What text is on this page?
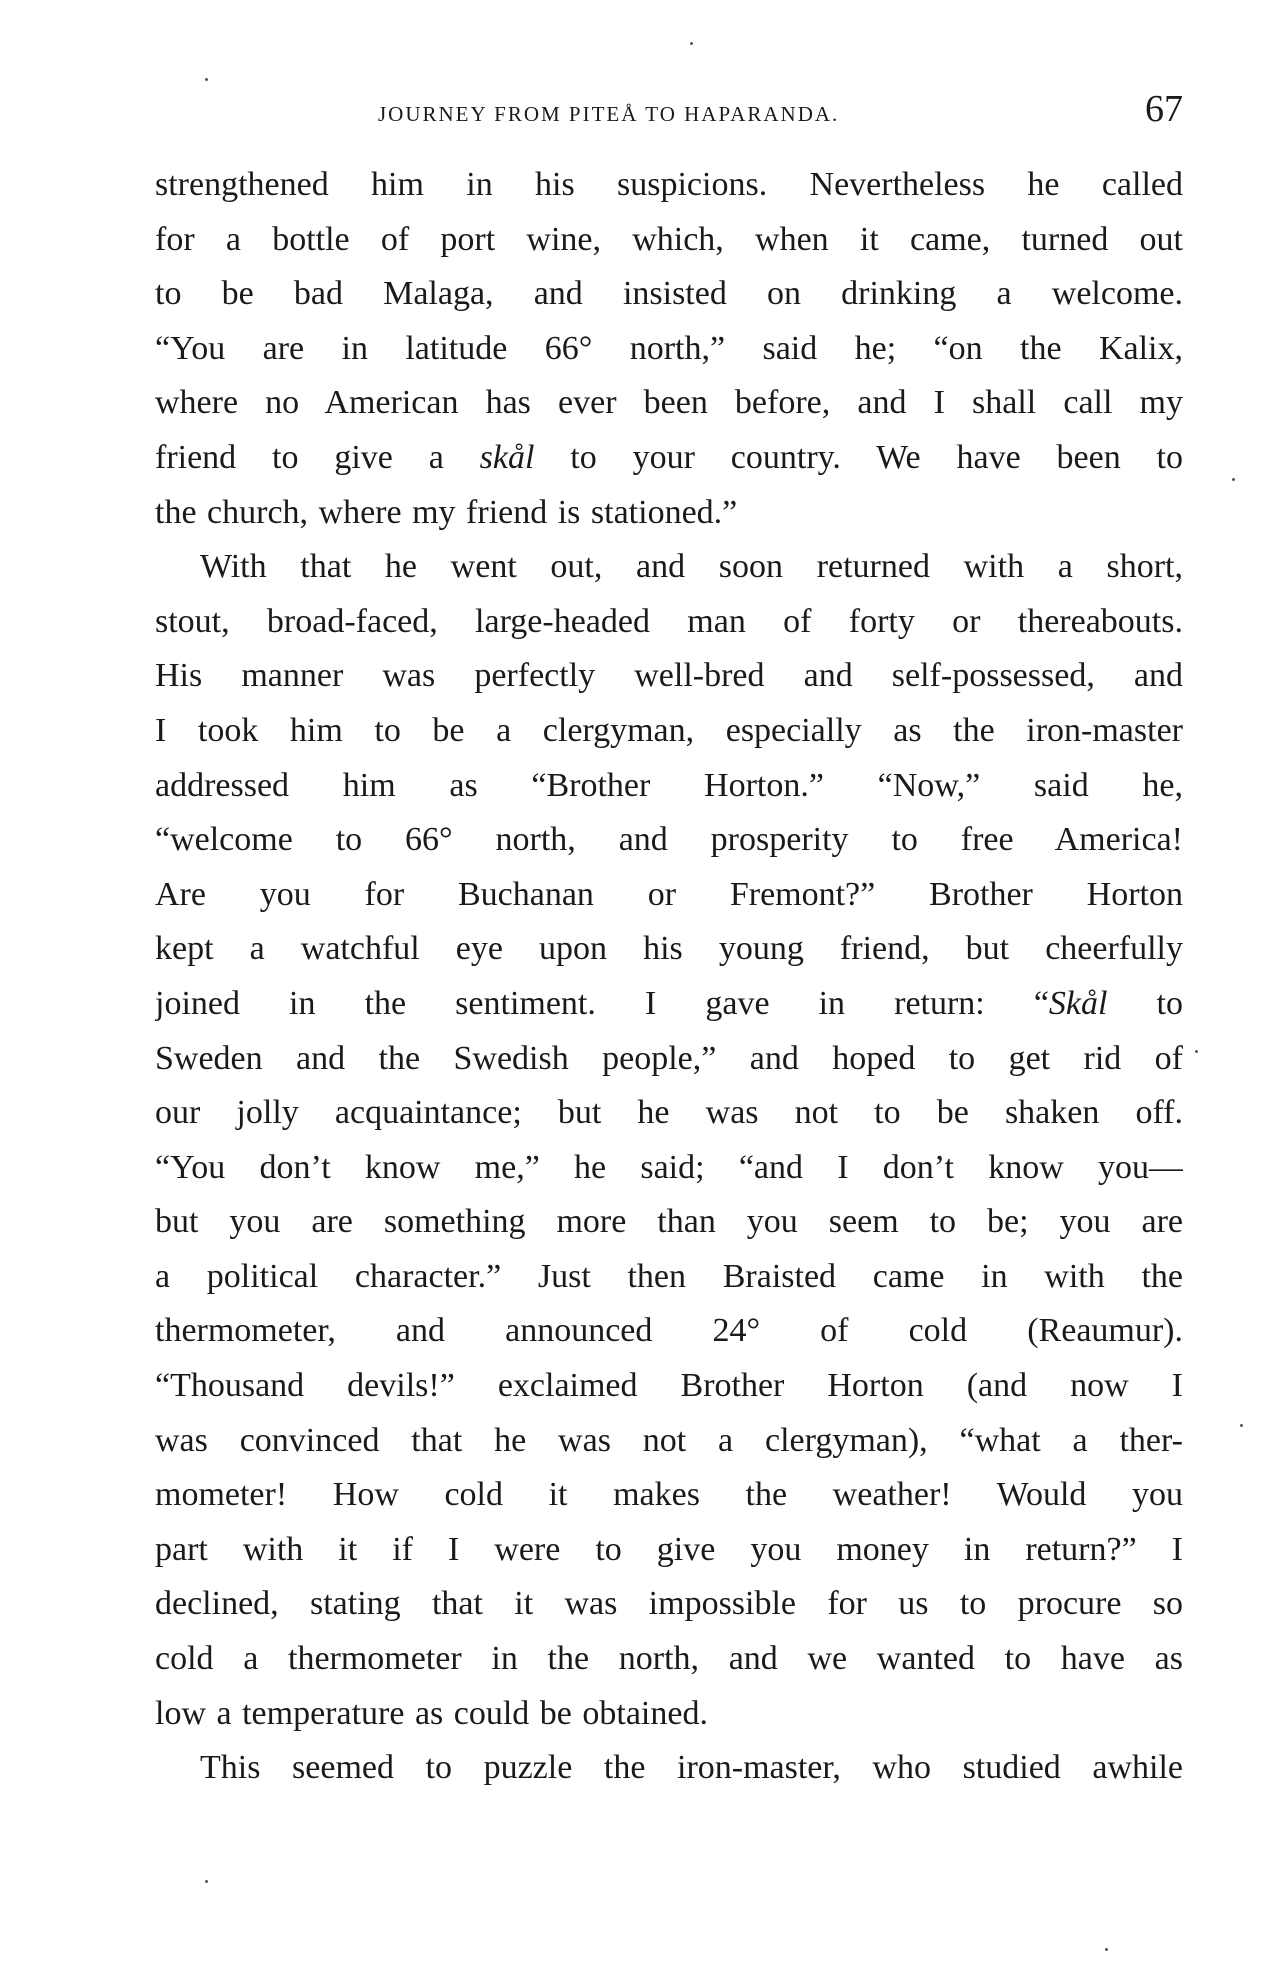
JOURNEY FROM PITEÅ TO HAPARANDA.	67
strengthened him in his suspicions. Nevertheless he called
for a bottle of port wine, which, when it came, turned out
to be bad Malaga, and insisted on drinking a welcome.
“You are in latitude 66° north,” said he; “on the Kalix,
where no American has ever been before, and I shall call my
friend to give a skål to your country. We have been to
the church, where my friend is stationed.”
With that he went out, and soon returned with a short,
stout, broad-faced, large-headed man of forty or thereabouts.
His manner was perfectly well-bred and self-possessed, and
I took him to be a clergyman, especially as the iron-master
addressed him as “Brother Horton.” “Now,” said he,
“welcome to 66° north, and prosperity to free America!
Are you for Buchanan or Fremont?” Brother Horton
kept a watchful eye upon his young friend, but cheerfully
joined in the sentiment. I gave in return: “Skål to
Sweden and the Swedish people,” and hoped to get rid of
our jolly acquaintance; but he was not to be shaken off.
“You don’t know me,” he said; “and I don’t know you—
but you are something more than you seem to be; you are
a political character.” Just then Braisted came in with the
thermometer, and announced 24° of cold (Reaumur).
“Thousand devils!” exclaimed Brother Horton (and now I
was convinced that he was not a clergyman), “what a ther-
mometer! How cold it makes the weather! Would you
part with it if I were to give you money in return?” I
declined, stating that it was impossible for us to procure so
cold a thermometer in the north, and we wanted to have as
low a temperature as could be obtained.
This seemed to puzzle the iron-master, who studied awhile
